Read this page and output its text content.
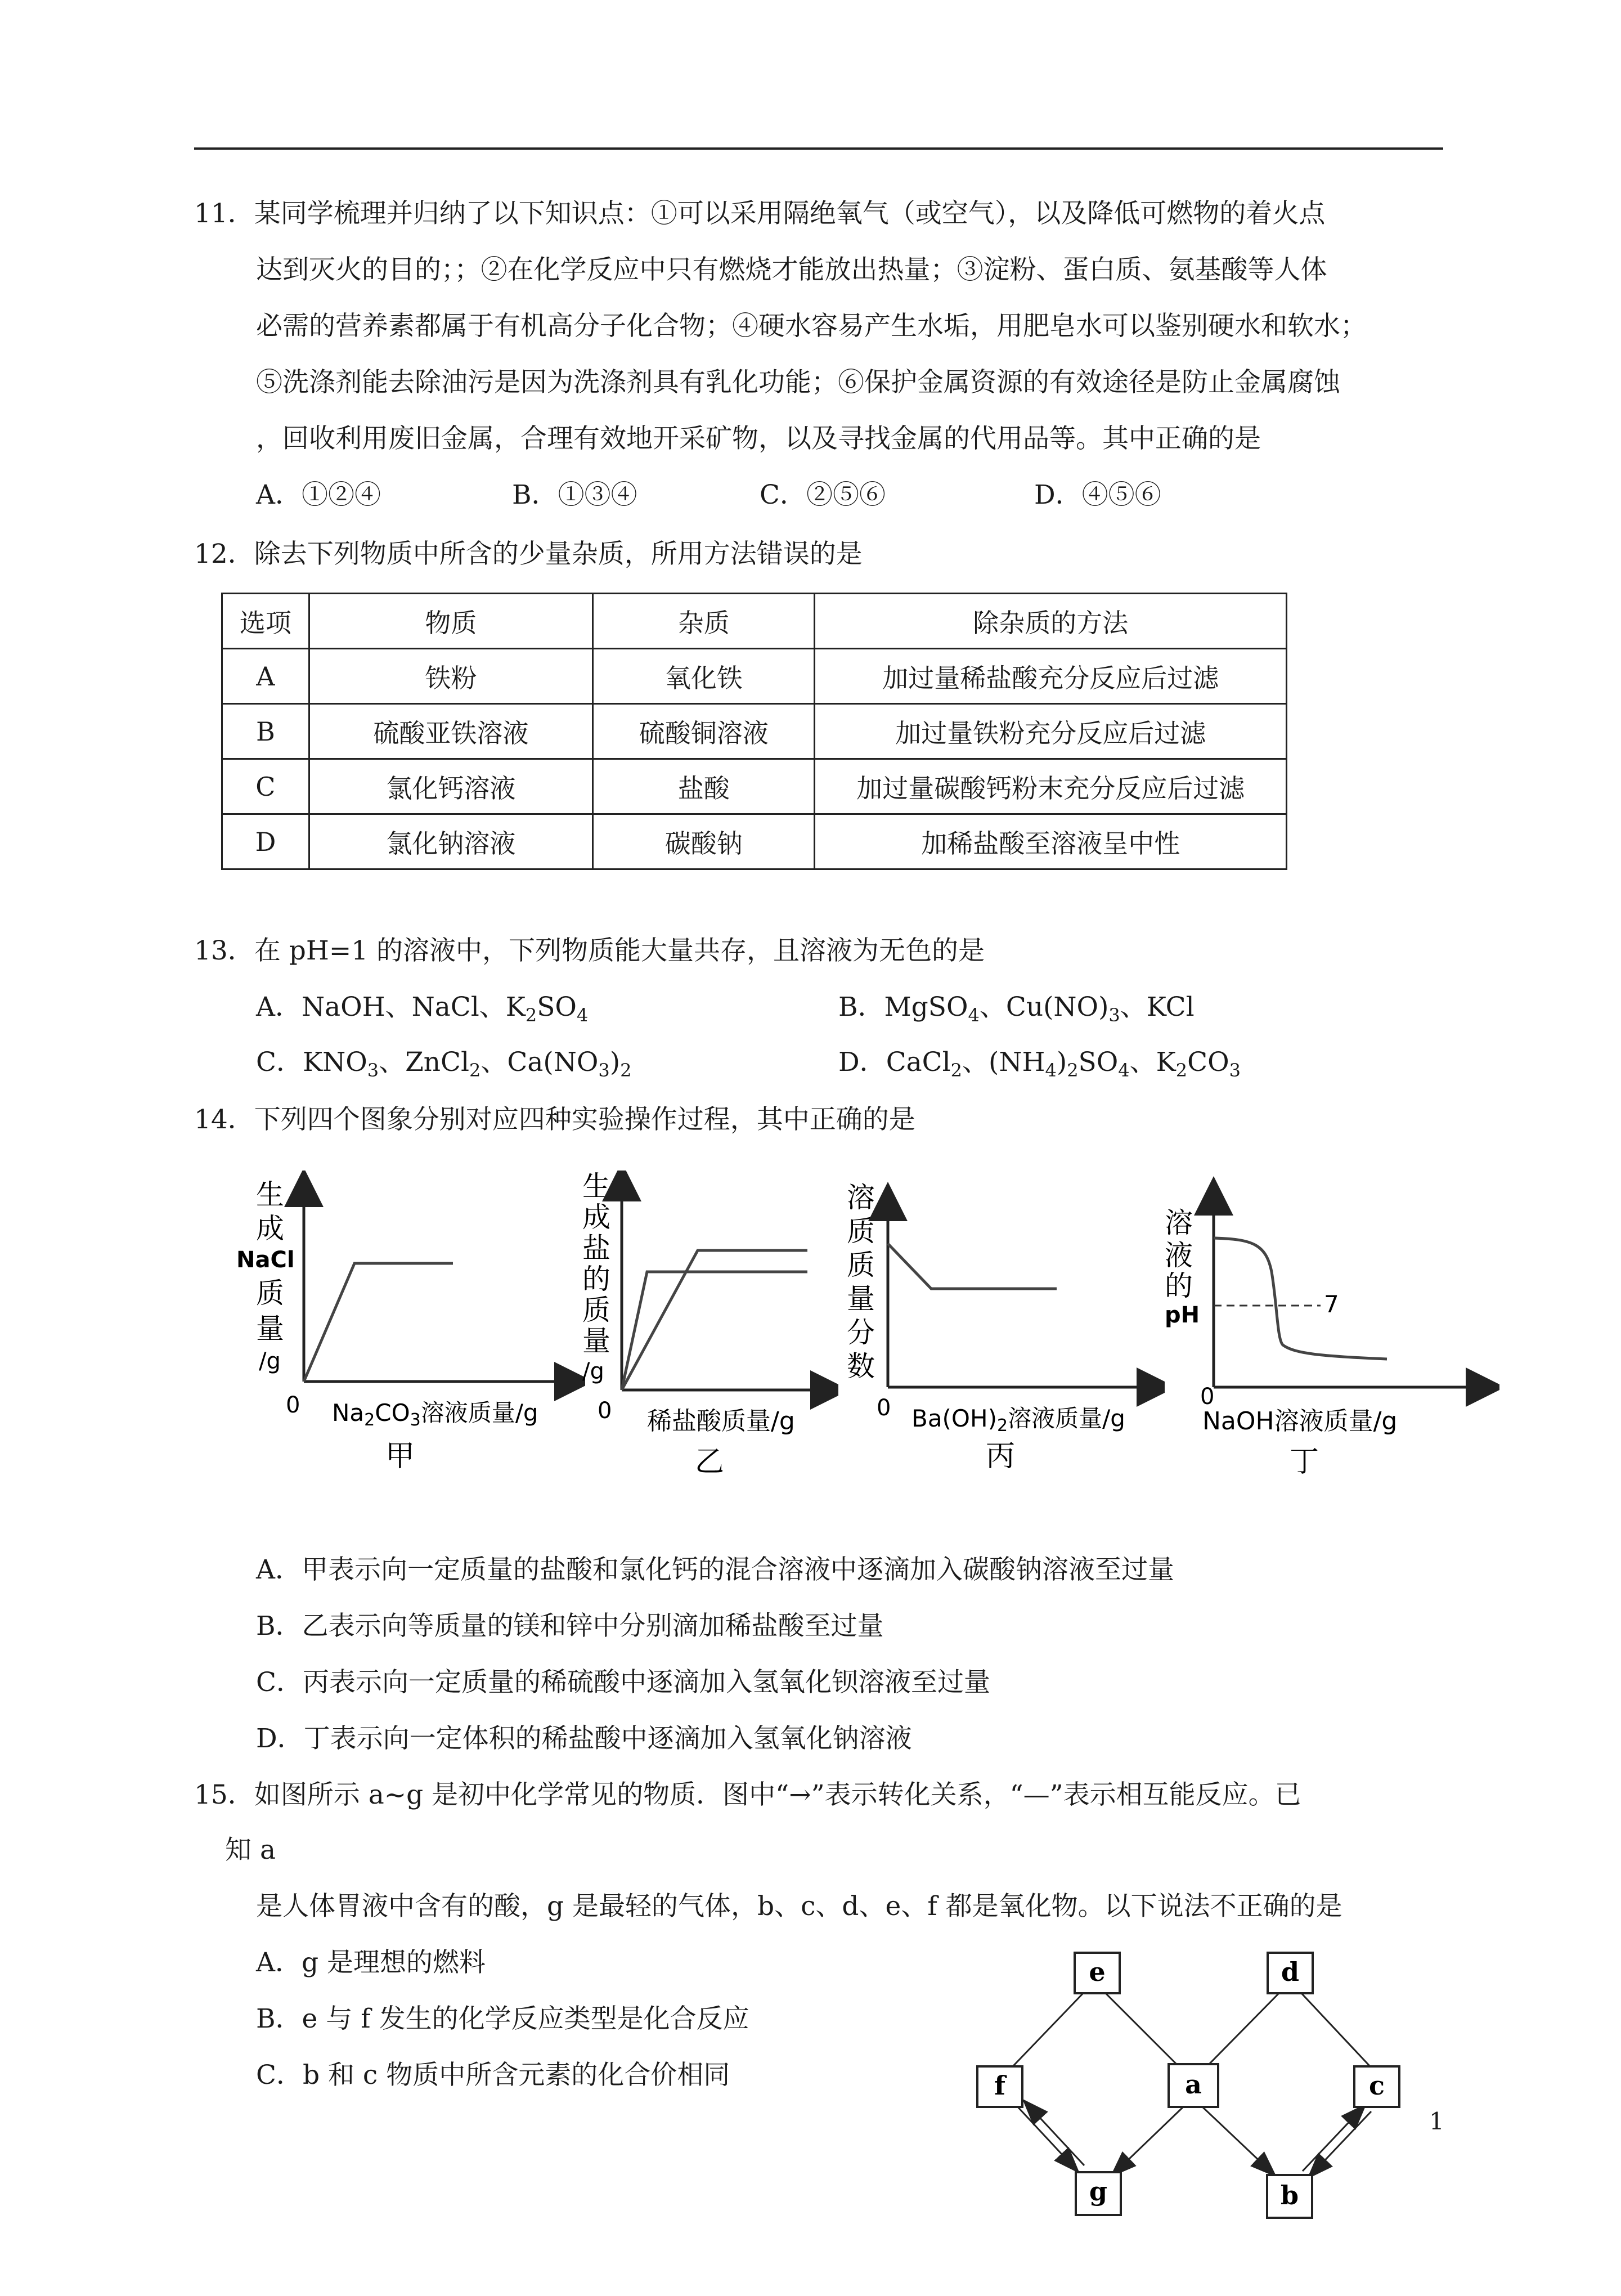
11．某同学梳理并归纳了以下知识点：①可以采用隔绝氧气（或空气），以及降低可燃物的着火点
达到灭火的目的；；②在化学反应中只有燃烧才能放出热量；③淀粉、蛋白质、氨基酸等人体
必需的营养素都属于有机高分子化合物；④硬水容易产生水垢，用肥皂水可以鉴别硬水和软水；
⑤洗涤剂能去除油污是因为洗涤剂具有乳化功能；⑥保护金属资源的有效途径是防止金属腐蚀
，回收利用废旧金属，合理有效地开采矿物，以及寻找金属的代用品等。其中正确的是
A．①②④	B．①③④	C．②⑤⑥	D．④⑤⑥
12．除去下列物质中所含的少量杂质，所用方法错误的是
选项	物质	杂质	除杂质的方法
A	铁粉	氧化铁	加过量稀盐酸充分反应后过滤
B	硫酸亚铁溶液	硫酸铜溶液	加过量铁粉充分反应后过滤
C	氯化钙溶液	盐酸	加过量碳酸钙粉末充分反应后过滤
D	氯化钠溶液	碳酸钠	加稀盐酸至溶液呈中性
13．在 pH=1 的溶液中，下列物质能大量共存，且溶液为无色的是
A．NaOH、NaCl、$K_2SO_4$	B．MgSO$_4$、$Cu(NO)_3$、KCl
C．$KNO_3$、ZnCl$_2$、$Ca(NO_3)_2$	D．CaCl$_2$、$(NH_4)_2SO_4$、$K_2CO_3$
14．下列四个图象分别对应四种实验操作过程，其中正确的是
生
成
NaCl
质
量
/g
0 Na2CO3溶液质量/g
甲
生
成
盐
的
质
量
/g
0 稀盐酸质量/g
乙
溶
质
质
量
分
数
0 Ba(OH)2溶液质量/g
丙
溶
液
的
pH	7
0
NaOH溶液质量/g
丁
A．甲表示向一定质量的盐酸和氯化钙的混合溶液中逐滴加入碳酸钠溶液至过量
B．乙表示向等质量的镁和锌中分别滴加稀盐酸至过量
C．丙表示向一定质量的稀硫酸中逐滴加入氢氧化钡溶液至过量
D．丁表示向一定体积的稀盐酸中逐滴加入氢氧化钠溶液
15．如图所示 a~g 是初中化学常见的物质．图中“→”表示转化关系，“—”表示相互能反应。已
知 a
是人体胃液中含有的酸，g 是最轻的气体，b、c、d、e、f 都是氧化物。以下说法不正确的是
A．g 是理想的燃料
B．e 与 f 发生的化学反应类型是化合反应
C．b 和 c 物质中所含元素的化合价相同
e	d
f	a	c
g	b
1
